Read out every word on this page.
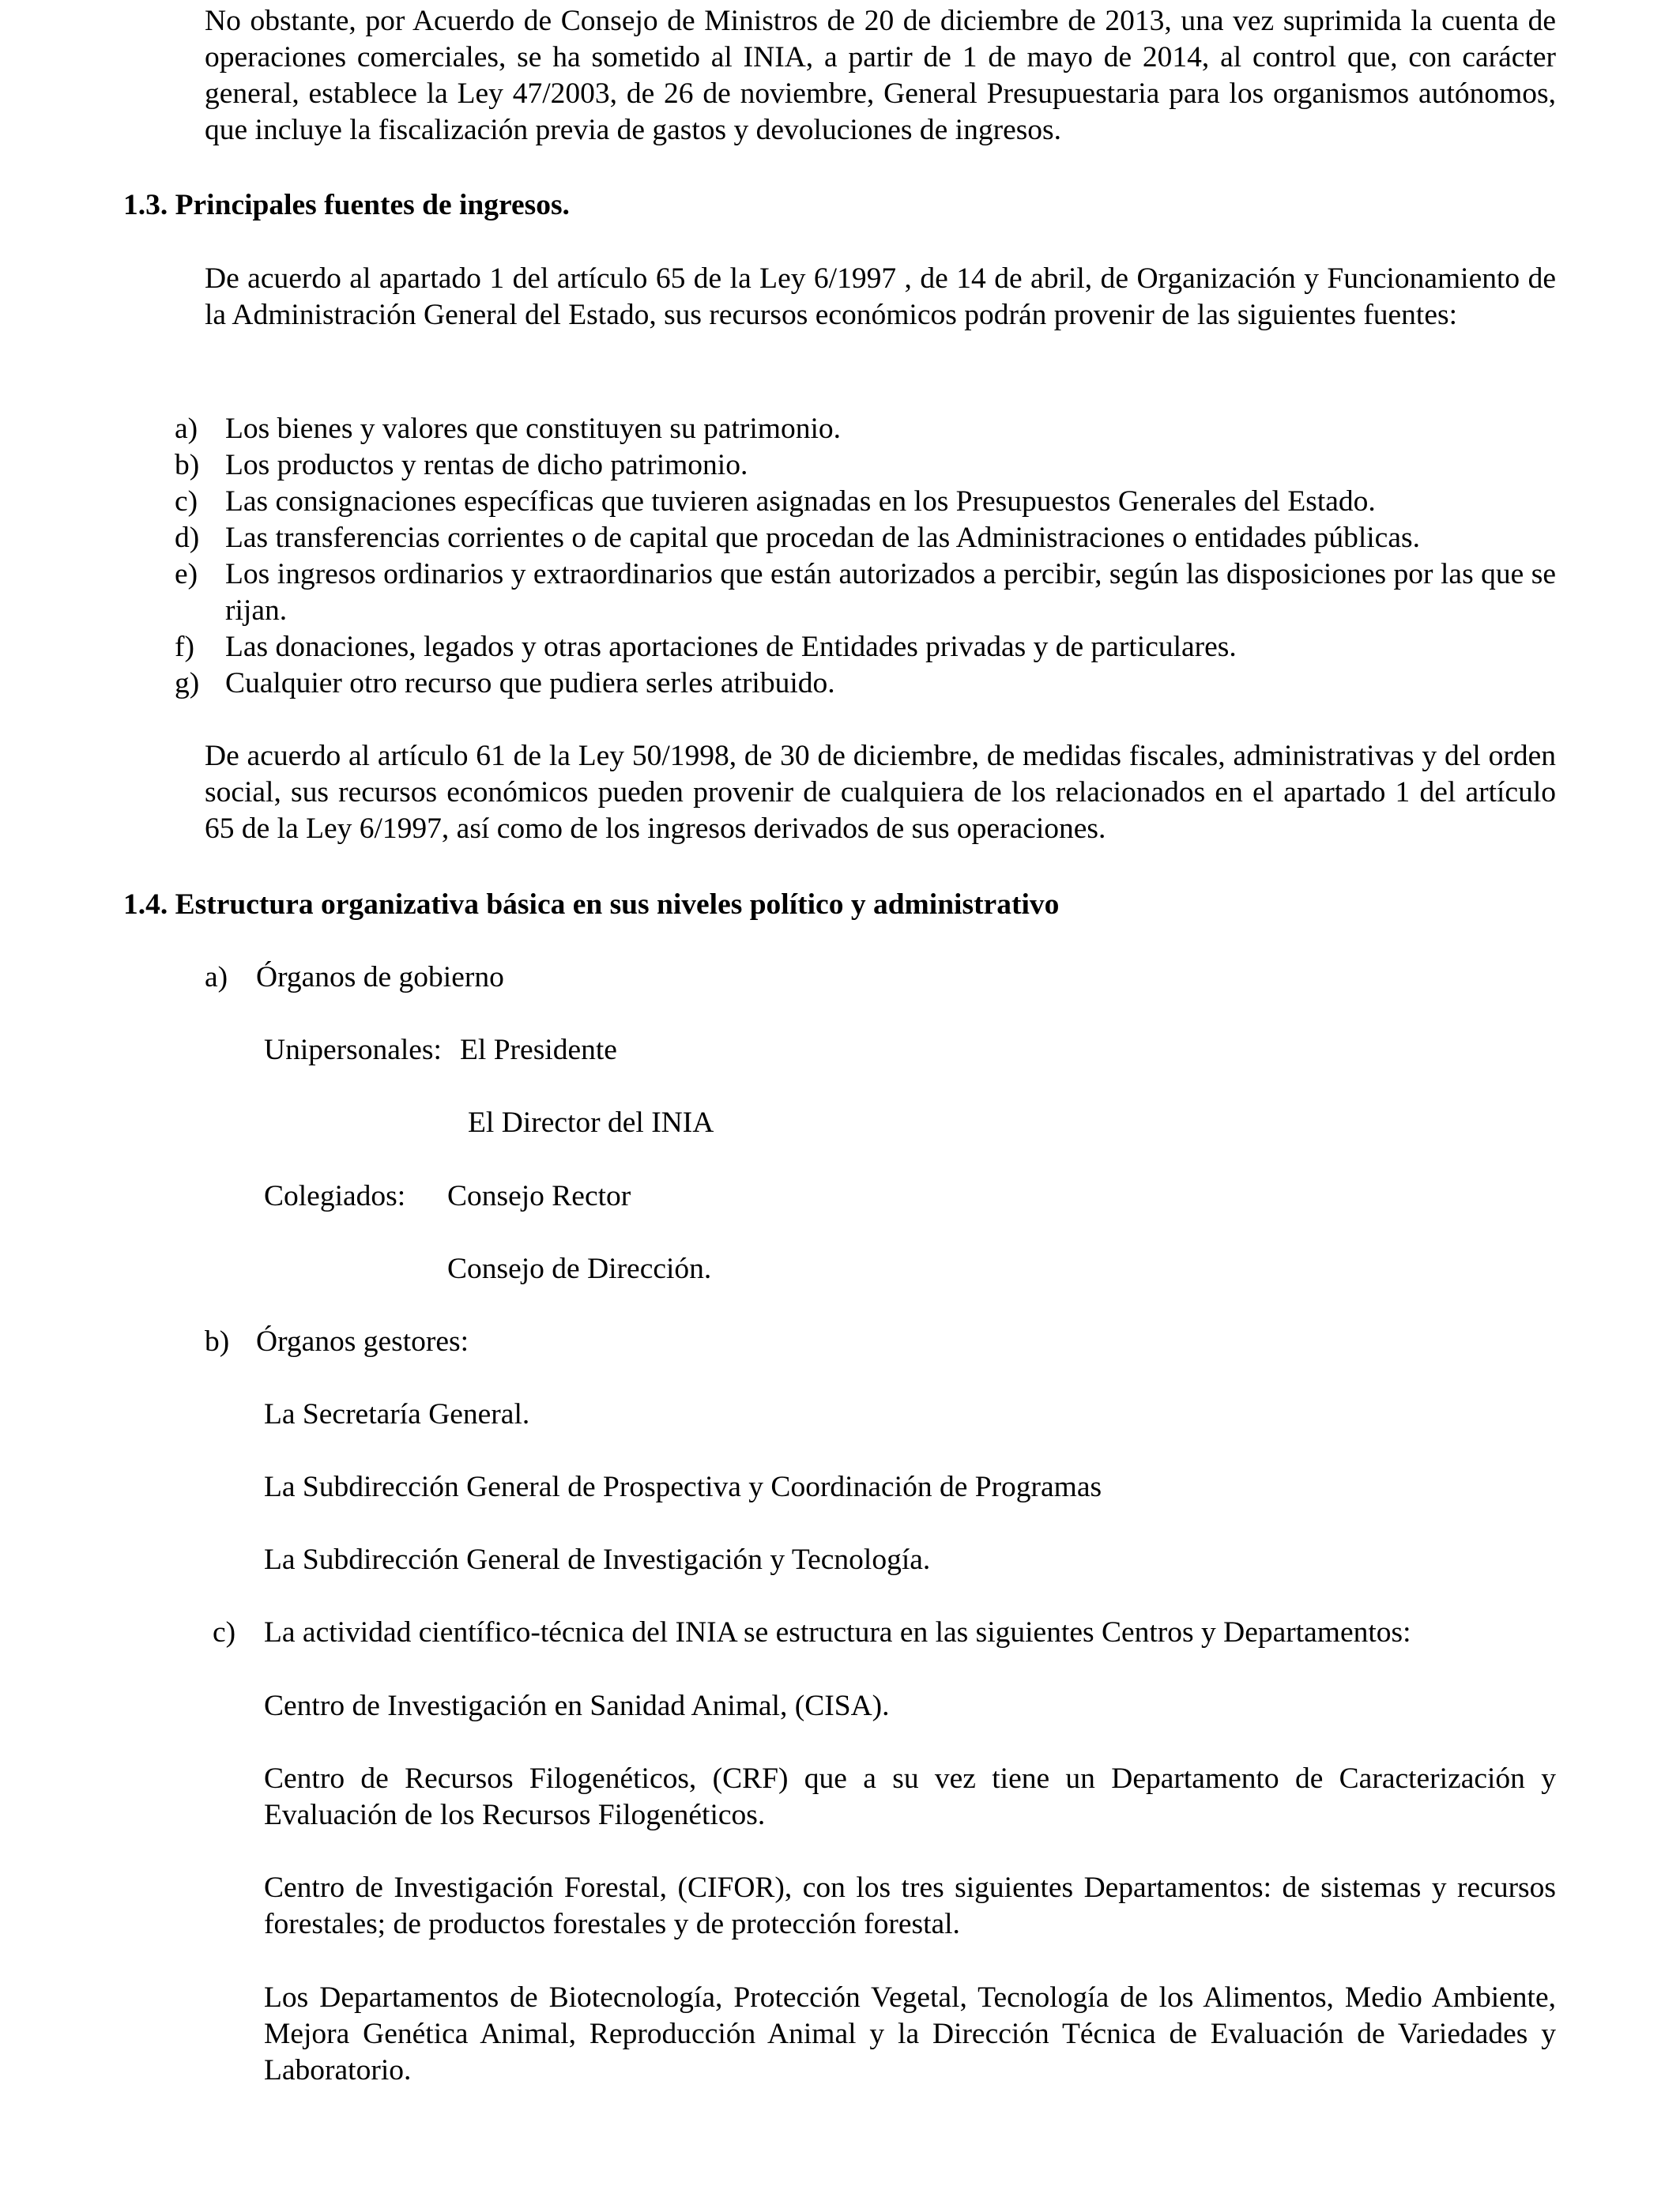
No obstante, por Acuerdo de Consejo de Ministros de 20 de diciembre de 2013, una vez suprimida la cuenta de operaciones comerciales, se ha sometido al INIA, a partir de 1 de mayo de 2014, al control que, con carácter general, establece la Ley 47/2003, de 26 de noviembre, General Presupuestaria para los organismos autónomos, que incluye la fiscalización previa de gastos y devoluciones de ingresos.

1.3. Principales fuentes de ingresos.

De acuerdo al apartado 1 del artículo 65 de la Ley 6/1997 , de 14 de abril, de Organización y Funcionamiento de la Administración General del Estado, sus recursos económicos podrán provenir de las siguientes fuentes:

a) Los bienes y valores que constituyen su patrimonio.
b) Los productos y rentas de dicho patrimonio.
c) Las consignaciones específicas que tuvieren asignadas en los Presupuestos Generales del Estado.
d) Las transferencias corrientes o de capital que procedan de las Administraciones o entidades públicas.
e) Los ingresos ordinarios y extraordinarios que están autorizados a percibir, según las disposiciones por las que se rijan.
f) Las donaciones, legados y otras aportaciones de Entidades privadas y de particulares.
g) Cualquier otro recurso que pudiera serles atribuido.

De acuerdo al artículo 61 de la Ley 50/1998, de 30 de diciembre, de medidas fiscales, administrativas y del orden social, sus recursos económicos pueden provenir de cualquiera de los relacionados en el apartado 1 del artículo 65 de la Ley 6/1997, así como de los ingresos derivados de sus operaciones.

1.4. Estructura organizativa básica en sus niveles político y administrativo
a) Órganos de gobierno
Unipersonales: El Presidente
El Director del INIA
Colegiados: Consejo Rector
Consejo de Dirección.
b) Órganos gestores:
La Secretaría General.
La Subdirección General de Prospectiva y Coordinación de Programas
La Subdirección General de Investigación y Tecnología.
c) La actividad científico-técnica del INIA se estructura en las siguientes Centros y Departamentos:

Centro de Investigación en Sanidad Animal, (CISA).

Centro de Recursos Filogenéticos, (CRF) que a su vez tiene un Departamento de Caracterización y Evaluación de los Recursos Filogenéticos.

Centro de Investigación Forestal, (CIFOR), con los tres siguientes Departamentos: de sistemas y recursos forestales; de productos forestales y de protección forestal.

Los Departamentos de Biotecnología, Protección Vegetal, Tecnología de los Alimentos, Medio Ambiente, Mejora Genética Animal, Reproducción Animal y la Dirección Técnica de Evaluación de Variedades y Laboratorio.
